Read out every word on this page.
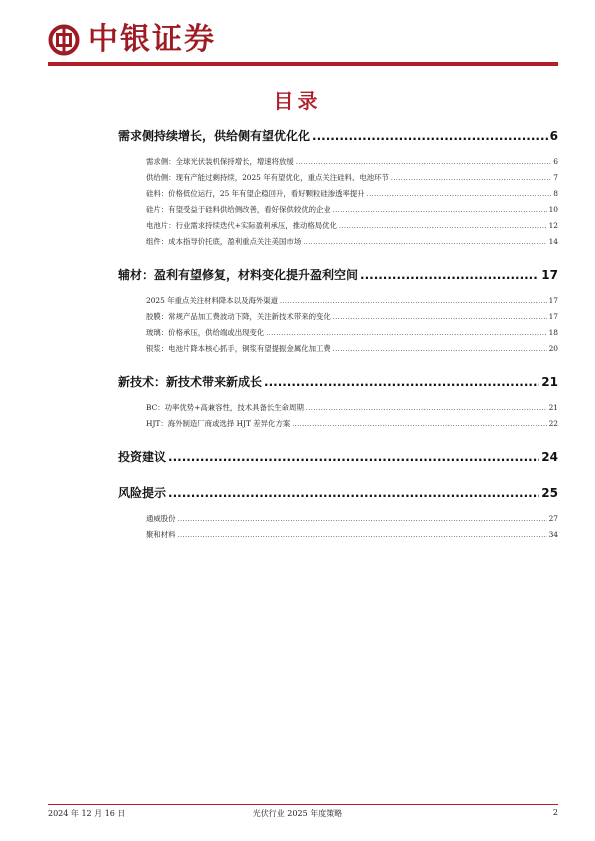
中银证券
目录
需求侧持续增长，供给侧有望优化化 .....	6
需求侧：全球光伏装机保持增长，增速将放缓 .....	6
供给侧：现有产能过剩持续，2025 年有望优化，重点关注硅料、电池环节 .....	7
硅料：价格低位运行，25 年有望企稳回升，看好颗粒硅渗透率提升 .....	8
硅片：有望受益于硅料供给侧改善，看好保供较优的企业 .....	10
电池片：行业需求持续迭代+实际盈利承压，推动格局优化 .....	12
组件：成本指导价托底，盈利重点关注美国市场 .....	14
辅材：盈利有望修复，材料变化提升盈利空间 .....	17
2025 年重点关注材料降本以及海外渠道 .....	17
胶膜：常规产品加工费波动下降，关注新技术带来的变化 .....	17
玻璃：价格承压，供给端或出现变化 .....	18
银浆：电池片降本核心抓手，铜浆有望提振金属化加工费 .....	20
新技术：新技术带来新成长 .....	21
BC：功率优势+高兼容性，技术具备长生命周期 .....	21
HJT：海外制造厂商或选择 HJT 差异化方案 .....	22
投资建议 .....	24
风险提示 .....	25
通威股份 .....	27
聚和材料 .....	34
2024 年 12 月 16 日	光伏行业 2025 年度策略	2
